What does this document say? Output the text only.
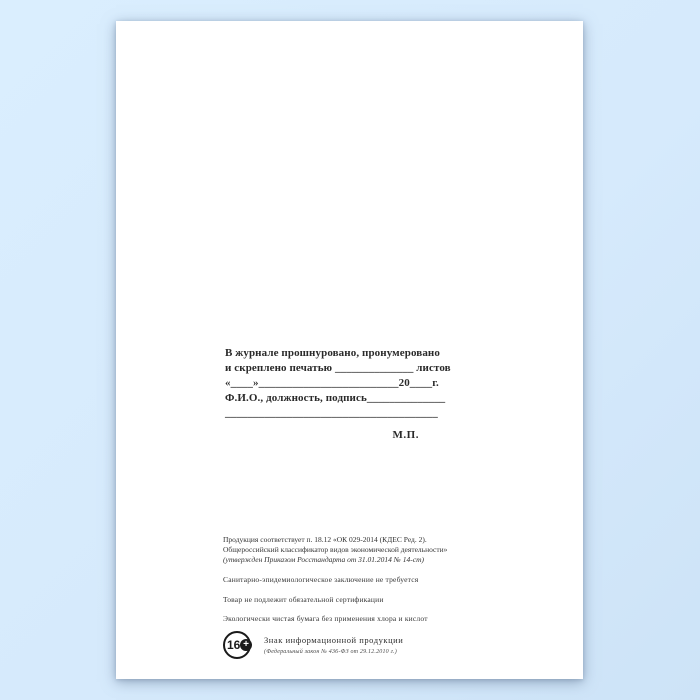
В журнале прошнуровано, пронумеровано
и скреплено печатью ______________ листов
«____»_________________________20____г.
Ф.И.О., должность, подпись______________
______________________________________
М.П.
Продукция соответствует п. 18.12 «ОК 029-2014 (КДЕС Ред. 2).
Общероссийский классификатор видов экономической деятельности»
(утвержден Приказом Росстандарта от 31.01.2014 № 14-ст)
Санитарно-эпидемиологическое заключение не требуется
Товар не подлежит обязательной сертификации
Экологически чистая бумага без применения хлора и кислот
16 +	Знак информационной продукции
(Федеральный закон № 436-ФЗ от 29.12.2010 г.)
